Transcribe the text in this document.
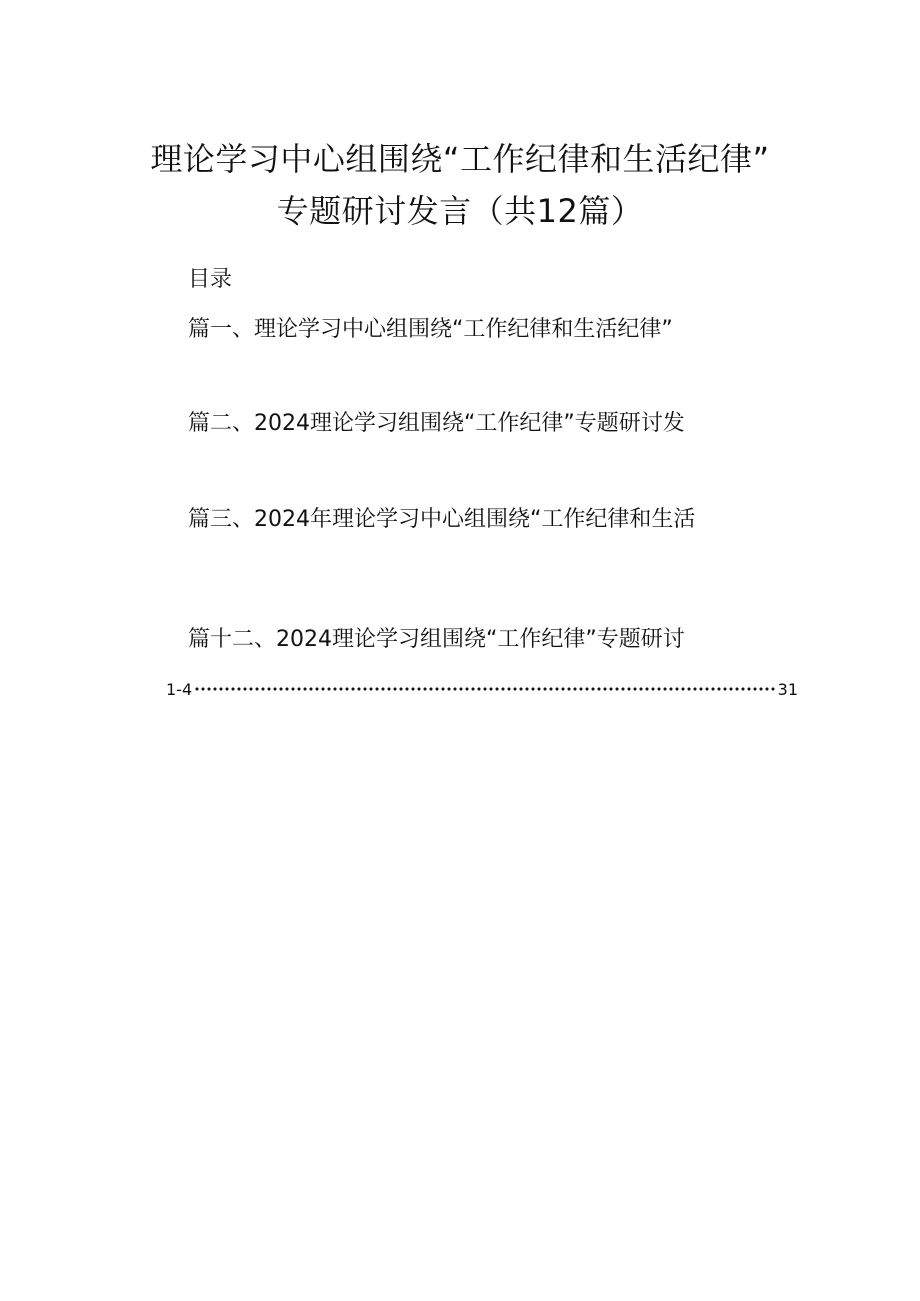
理论学习中心组围绕“工作纪律和生活纪律”
专题研讨发言（共12篇）
目录
篇一、理论学习中心组围绕“工作纪律和生活纪律”
篇二、2024理论学习组围绕“工作纪律”专题研讨发
篇三、2024年理论学习中心组围绕“工作纪律和生活
篇十二、2024理论学习组围绕“工作纪律”专题研讨
1-4	31
